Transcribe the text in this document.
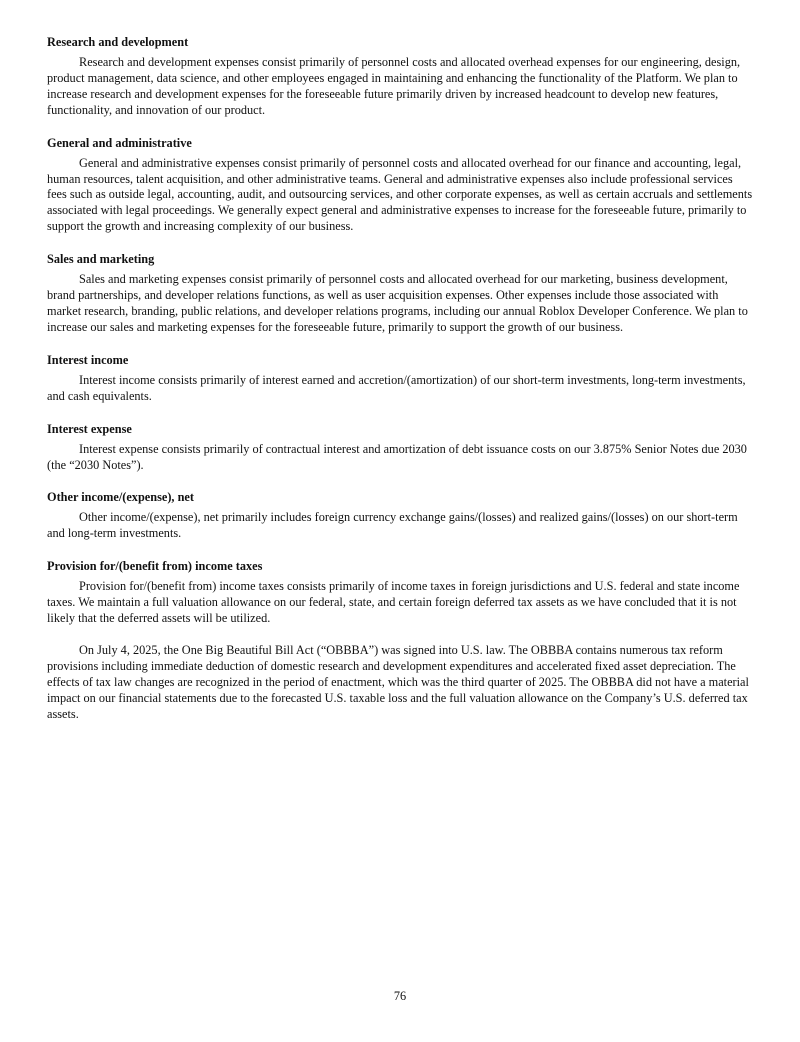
Research and development

Research and development expenses consist primarily of personnel costs and allocated overhead expenses for our engineering, design, product management, data science, and other employees engaged in maintaining and enhancing the functionality of the Platform. We plan to increase research and development expenses for the foreseeable future primarily driven by increased headcount to develop new features, functionality, and innovation of our product.

General and administrative

General and administrative expenses consist primarily of personnel costs and allocated overhead for our finance and accounting, legal, human resources, talent acquisition, and other administrative teams. General and administrative expenses also include professional services fees such as outside legal, accounting, audit, and outsourcing services, and other corporate expenses, as well as certain accruals and settlements associated with legal proceedings. We generally expect general and administrative expenses to increase for the foreseeable future, primarily to support the growth and increasing complexity of our business.

Sales and marketing

Sales and marketing expenses consist primarily of personnel costs and allocated overhead for our marketing, business development, brand partnerships, and developer relations functions, as well as user acquisition expenses. Other expenses include those associated with market research, branding, public relations, and developer relations programs, including our annual Roblox Developer Conference. We plan to increase our sales and marketing expenses for the foreseeable future, primarily to support the growth of our business.

Interest income

Interest income consists primarily of interest earned and accretion/(amortization) of our short-term investments, long-term investments, and cash equivalents.

Interest expense

Interest expense consists primarily of contractual interest and amortization of debt issuance costs on our 3.875% Senior Notes due 2030 (the “2030 Notes”).

Other income/(expense), net

Other income/(expense), net primarily includes foreign currency exchange gains/(losses) and realized gains/(losses) on our short-term and long-term investments.

Provision for/(benefit from) income taxes

Provision for/(benefit from) income taxes consists primarily of income taxes in foreign jurisdictions and U.S. federal and state income taxes. We maintain a full valuation allowance on our federal, state, and certain foreign deferred tax assets as we have concluded that it is not likely that the deferred assets will be utilized.

On July 4, 2025, the One Big Beautiful Bill Act (“OBBBA”) was signed into U.S. law. The OBBBA contains numerous tax reform provisions including immediate deduction of domestic research and development expenditures and accelerated fixed asset depreciation. The effects of tax law changes are recognized in the period of enactment, which was the third quarter of 2025. The OBBBA did not have a material impact on our financial statements due to the forecasted U.S. taxable loss and the full valuation allowance on the Company’s U.S. deferred tax assets.

76
